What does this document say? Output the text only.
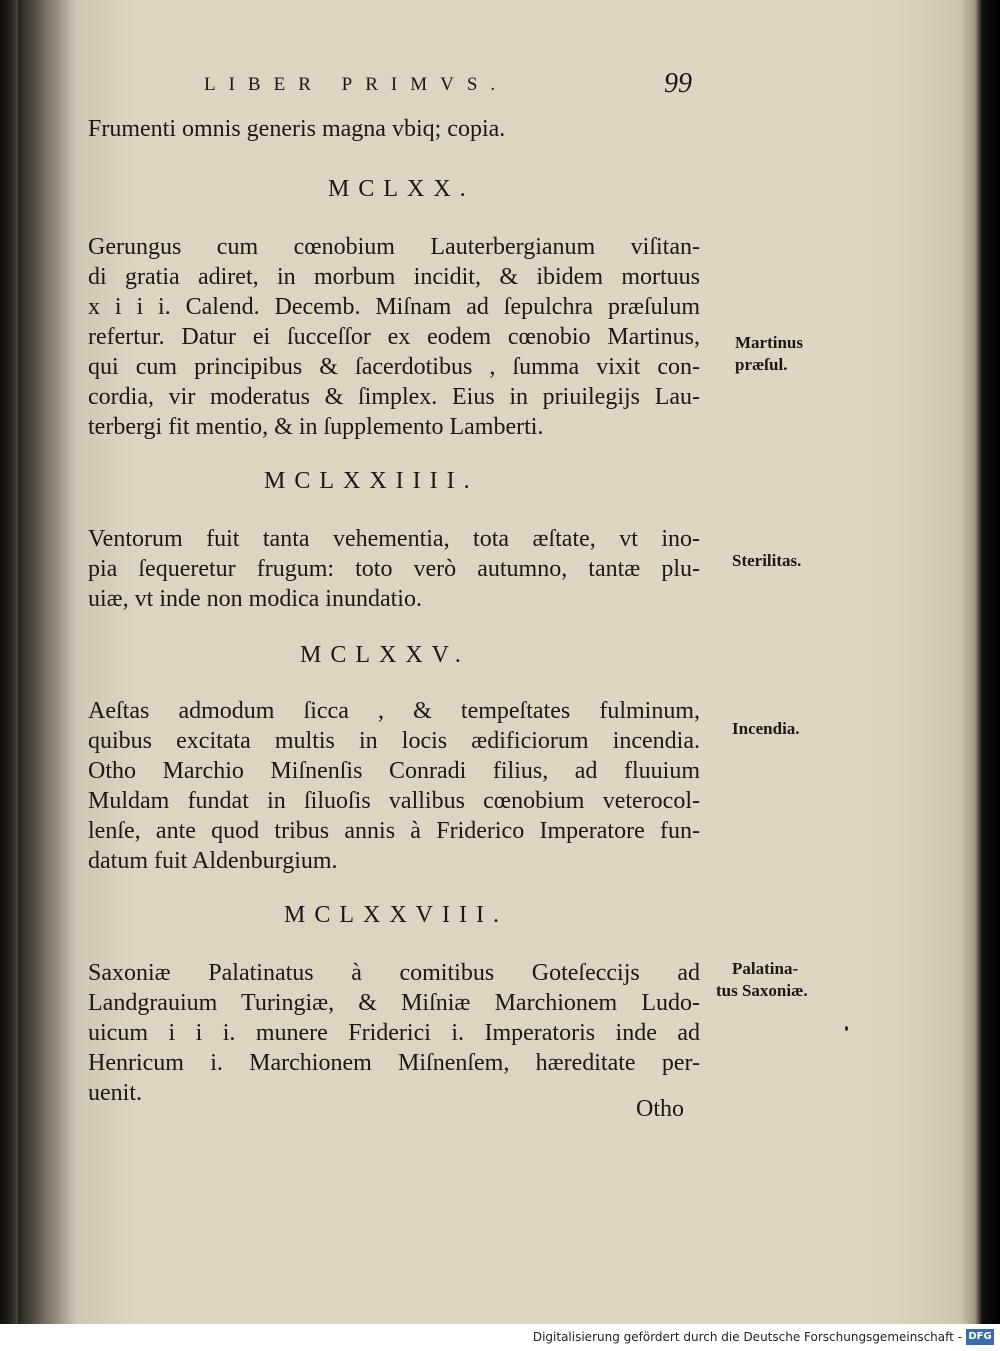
LIBER PRIMVS.	99
Frumenti omnis generis magna vbiq; copia.
MCLXX.
Gerungus cum cœnobium Lauterbergianum viſitan-
di gratia adiret, in morbum incidit, & ibidem mortuus
x i i i. Calend. Decemb. Miſnam ad ſepulchra præſulum
refertur. Datur ei ſucceſſor ex eodem cœnobio Martinus,
qui cum principibus & ſacerdotibus , ſumma vixit con-
cordia, vir moderatus & ſimplex. Eius in priuilegijs Lau-
terbergi fit mentio, & in ſupplemento Lamberti.
Martinus
præſul.
MCLXXIIII.
Ventorum fuit tanta vehementia, tota æſtate, vt ino-
pia ſequeretur frugum: toto verò autumno, tantæ plu-
uiæ, vt inde non modica inundatio.
Sterilitas.
MCLXXV.
Aeſtas admodum ſicca , & tempeſtates fulminum,
quibus excitata multis in locis ædificiorum incendia.
Otho Marchio Miſnenſis Conradi filius, ad fluuium
Muldam fundat in ſiluoſis vallibus cœnobium veterocol-
lenſe, ante quod tribus annis à Friderico Imperatore fun-
datum fuit Aldenburgium.
Incendia.
MCLXXVIII.
Saxoniæ Palatinatus à comitibus Goteſeccijs ad
Landgrauium Turingiæ, & Miſniæ Marchionem Ludo-
uicum i i i. munere Friderici i. Imperatoris inde ad
Henricum i. Marchionem Miſnenſem, hæreditate per-
uenit.
Palatina-
tus Saxoniæ.
Otho
Digitalisierung gefördert durch die Deutsche Forschungsgemeinschaft - DFG
